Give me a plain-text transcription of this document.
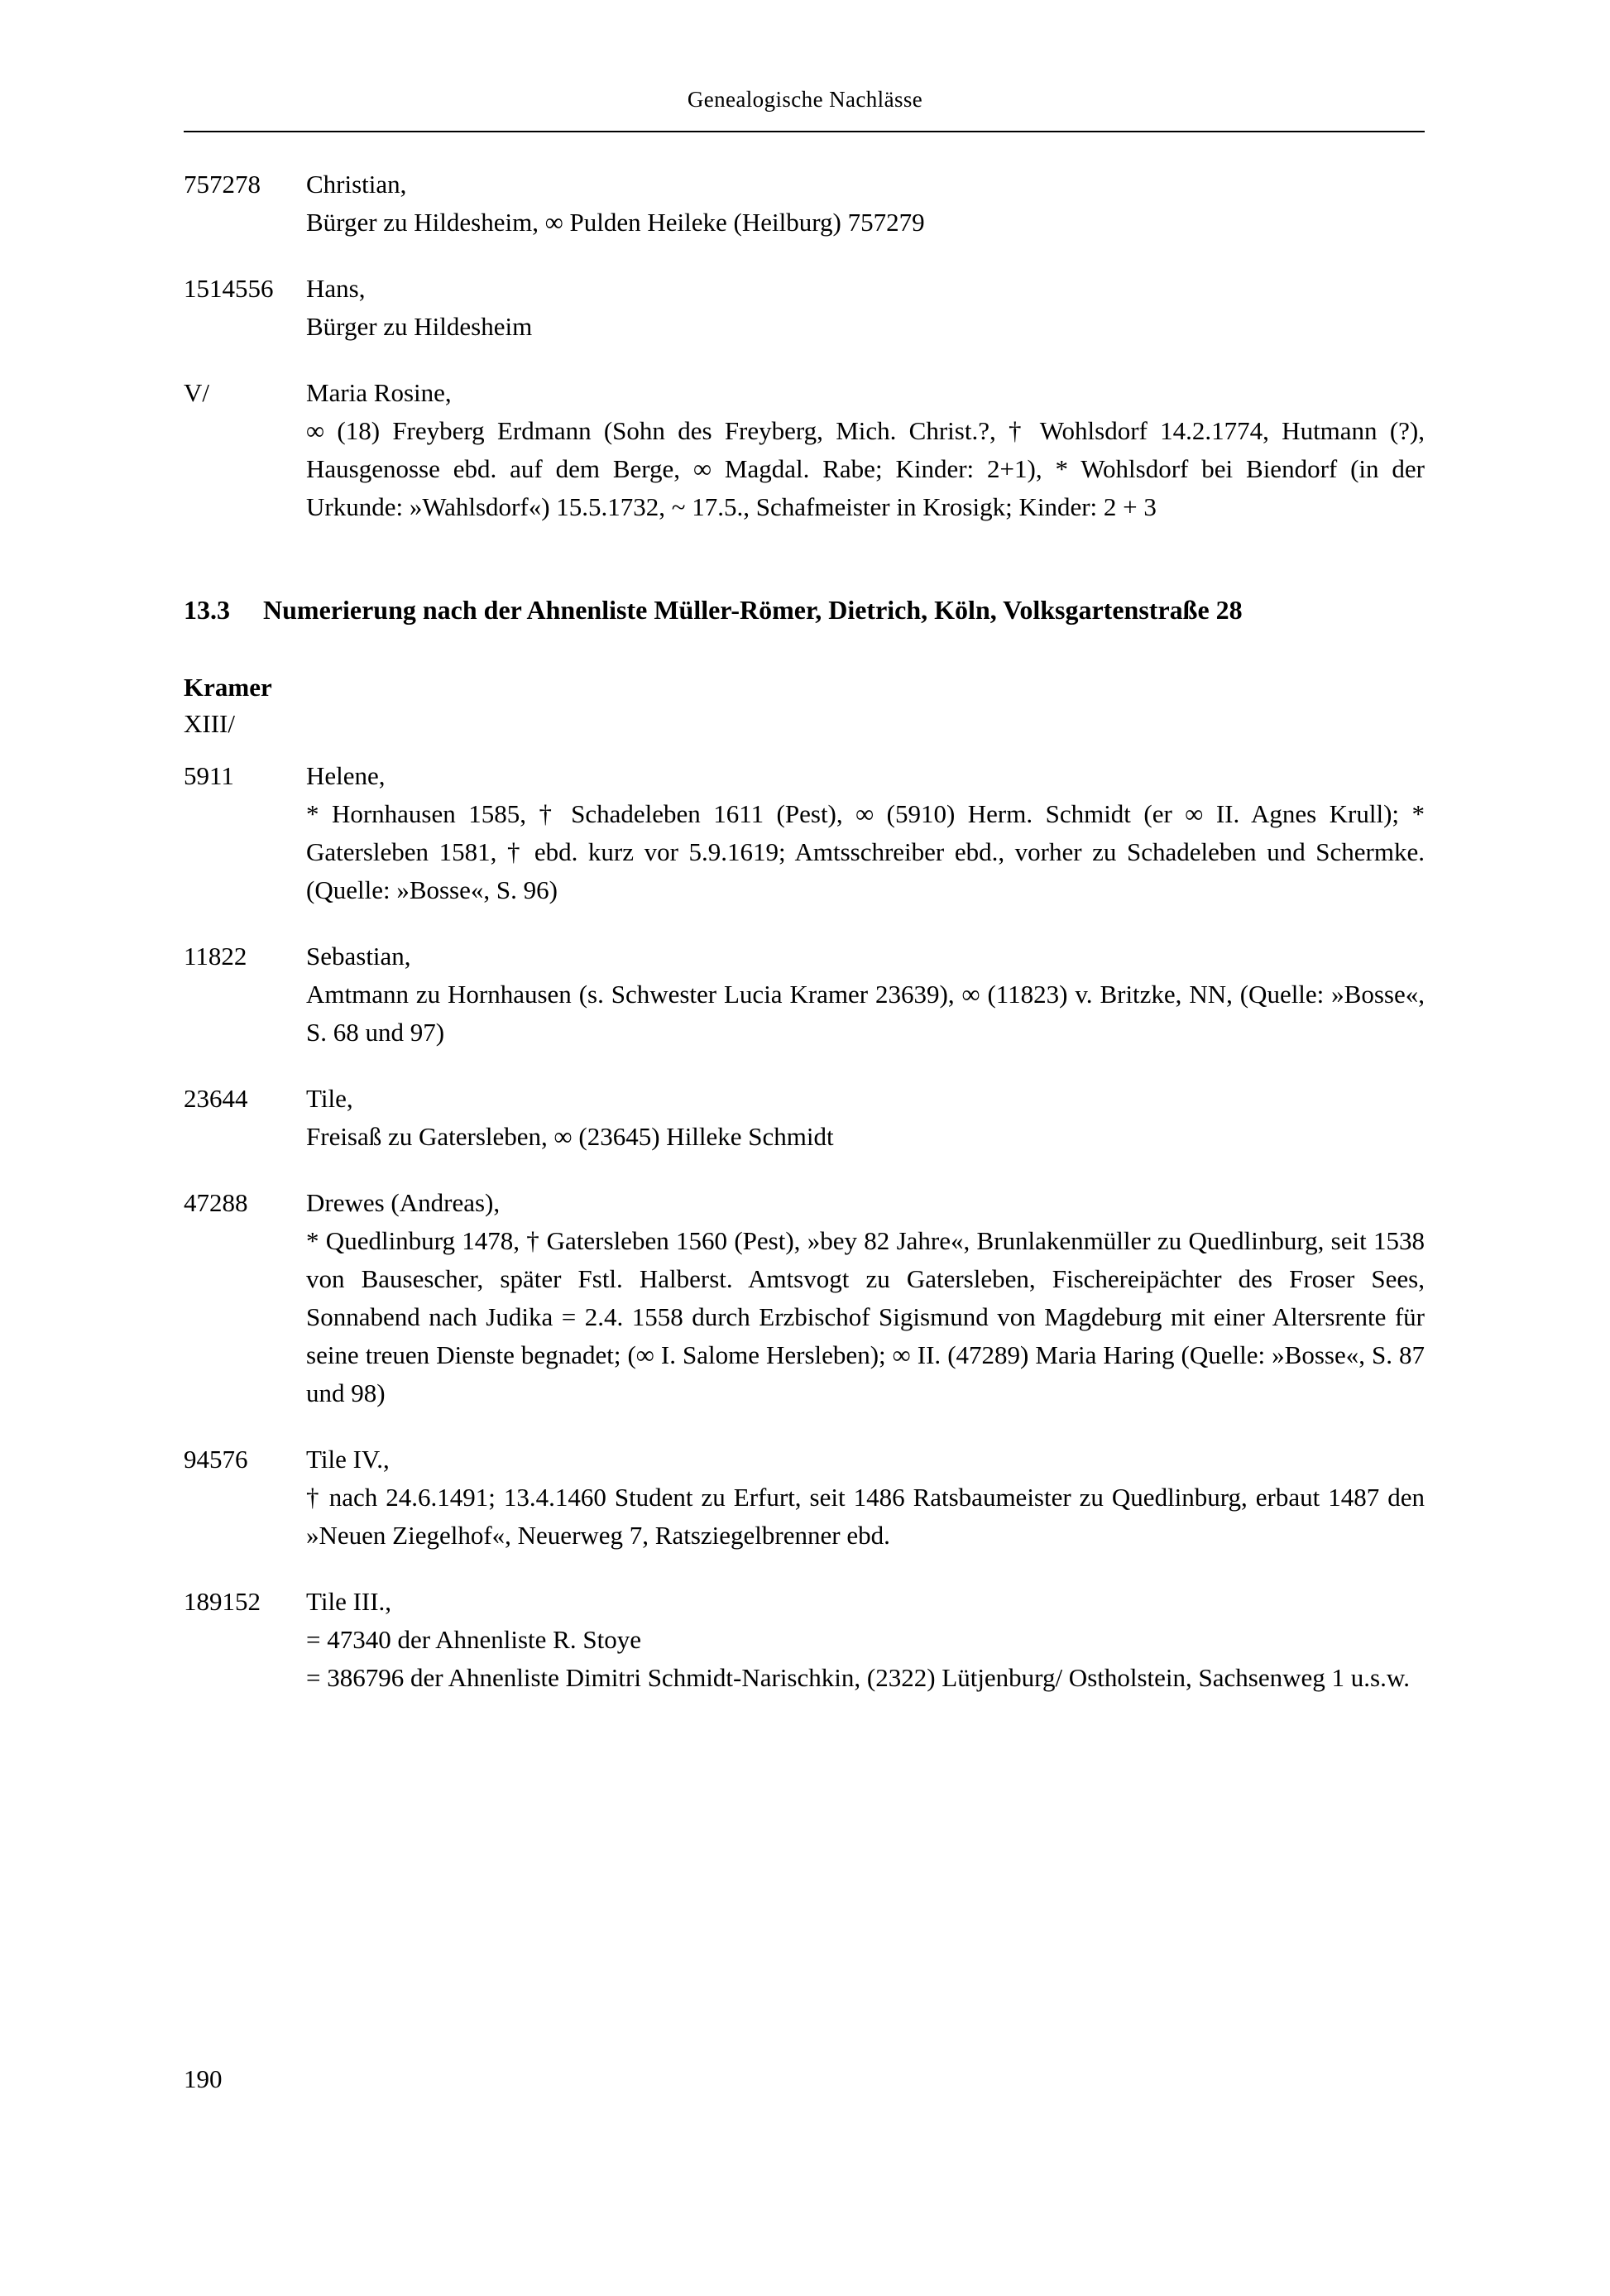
Genealogische Nachlässe
757278	Christian,
Bürger zu Hildesheim, ∞ Pulden Heileke (Heilburg) 757279
1514556	Hans,
Bürger zu Hildesheim
V/	Maria Rosine,
∞ (18) Freyberg Erdmann (Sohn des Freyberg, Mich. Christ.?, † Wohlsdorf 14.2.1774, Hutmann (?), Hausgenosse ebd. auf dem Berge, ∞ Magdal. Rabe; Kinder: 2+1), * Wohlsdorf bei Biendorf (in der Urkunde: »Wahlsdorf«) 15.5.1732, ~ 17.5., Schafmeister in Krosigk; Kinder: 2 + 3
13.3	Numerierung nach der Ahnenliste Müller-Römer, Dietrich, Köln, Volksgartenstraße 28
Kramer
XIII/
5911	Helene,
* Hornhausen 1585, † Schadeleben 1611 (Pest), ∞ (5910) Herm. Schmidt (er ∞ II. Agnes Krull); * Gatersleben 1581, † ebd. kurz vor 5.9.1619; Amtsschreiber ebd., vorher zu Schadeleben und Schermke. (Quelle: »Bosse«, S. 96)
11822	Sebastian,
Amtmann zu Hornhausen (s. Schwester Lucia Kramer 23639), ∞ (11823) v. Britzke, NN, (Quelle: »Bosse«, S. 68 und 97)
23644	Tile,
Freisaß zu Gatersleben, ∞ (23645) Hilleke Schmidt
47288	Drewes (Andreas),
* Quedlinburg 1478, † Gatersleben 1560 (Pest), »bey 82 Jahre«, Brunlakenmüller zu Quedlinburg, seit 1538 von Bausescher, später Fstl. Halberst. Amtsvogt zu Gatersleben, Fischereipächter des Froser Sees, Sonnabend nach Judika = 2.4. 1558 durch Erzbischof Sigismund von Magdeburg mit einer Altersrente für seine treuen Dienste begnadet; (∞ I. Salome Hersleben); ∞ II. (47289) Maria Haring (Quelle: »Bosse«, S. 87 und 98)
94576	Tile IV.,
† nach 24.6.1491; 13.4.1460 Student zu Erfurt, seit 1486 Ratsbaumeister zu Quedlinburg, erbaut 1487 den »Neuen Ziegelhof«, Neuerweg 7, Ratsziegelbrenner ebd.
189152	Tile III.,
= 47340 der Ahnenliste R. Stoye
= 386796 der Ahnenliste Dimitri Schmidt-Narischkin, (2322) Lütjenburg/ Ostholstein, Sachsenweg 1 u.s.w.
190
